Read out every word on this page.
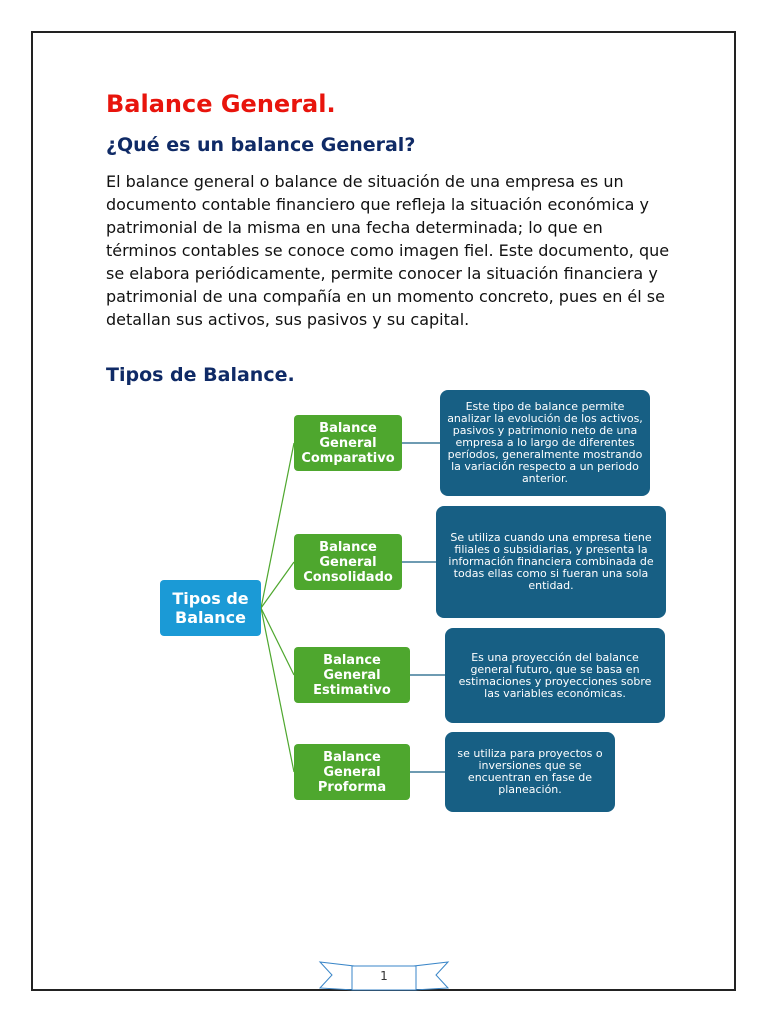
Balance General.
¿Qué es un balance General?

El balance general o balance de situación de una empresa es un documento contable financiero que refleja la situación económica y patrimonial de la misma en una fecha determinada; lo que en términos contables se conoce como imagen fiel. Este documento, que se elabora periódicamente, permite conocer la situación financiera y patrimonial de una compañía en un momento concreto, pues en él se detallan sus activos, sus pasivos y su capital.

Tipos de Balance.
Tipos de Balance
Balance General Comparativo
Balance General Consolidado
Balance General Estimativo
Balance General Proforma
Este tipo de balance permite analizar la evolución de los activos, pasivos y patrimonio neto de una empresa a lo largo de diferentes períodos, generalmente mostrando la variación respecto a un periodo anterior.
Se utiliza cuando una empresa tiene filiales o subsidiarias, y presenta la información financiera combinada de todas ellas como si fueran una sola entidad.
Es una proyección del balance general futuro, que se basa en estimaciones y proyecciones sobre las variables económicas.
se utiliza para proyectos o inversiones que se encuentran en fase de planeación.
1
